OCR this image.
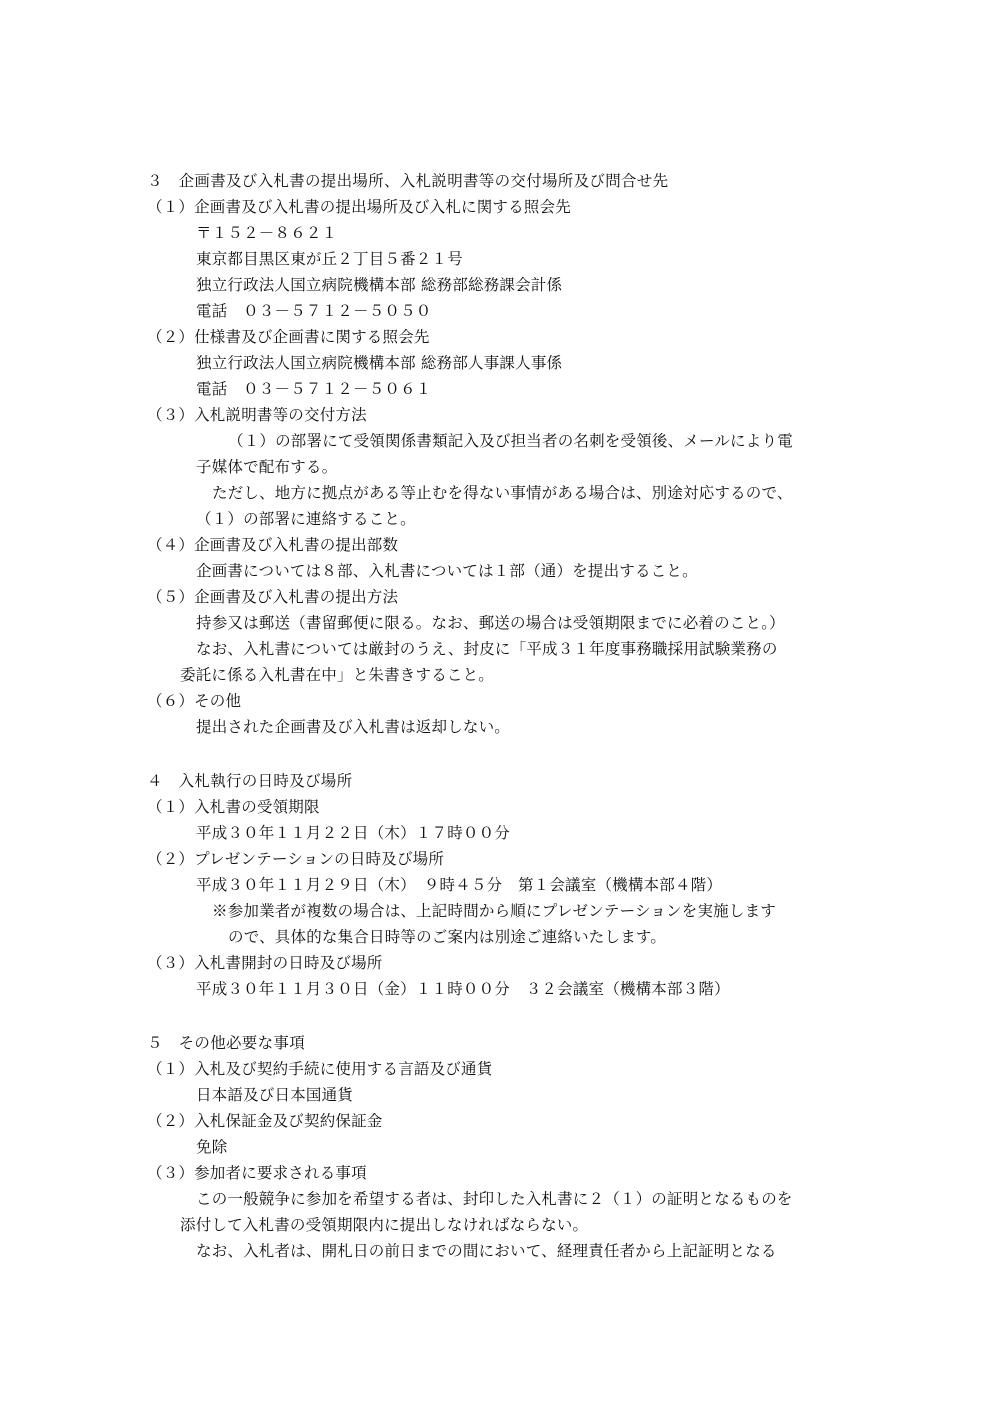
３　企画書及び入札書の提出場所、入札説明書等の交付場所及び問合せ先
（１）企画書及び入札書の提出場所及び入札に関する照会先
〒１５２－８６２１
東京都目黒区東が丘２丁目５番２１号
独立行政法人国立病院機構本部 総務部総務課会計係
電話　０３－５７１２－５０５０
（２）仕様書及び企画書に関する照会先
独立行政法人国立病院機構本部 総務部人事課人事係
電話　０３－５７１２－５０６１
（３）入札説明書等の交付方法
（１）の部署にて受領関係書類記入及び担当者の名刺を受領後、メールにより電
子媒体で配布する。
ただし、地方に拠点がある等止むを得ない事情がある場合は、別途対応するので、
（１）の部署に連絡すること。
（４）企画書及び入札書の提出部数
企画書については８部、入札書については１部（通）を提出すること。
（５）企画書及び入札書の提出方法
持参又は郵送（書留郵便に限る。なお、郵送の場合は受領期限までに必着のこと。）
なお、入札書については厳封のうえ、封皮に「平成３１年度事務職採用試験業務の
委託に係る入札書在中」と朱書きすること。
（６）その他
提出された企画書及び入札書は返却しない。
４　入札執行の日時及び場所
（１）入札書の受領期限
平成３０年１１月２２日（木）１７時００分
（２）プレゼンテーションの日時及び場所
平成３０年１１月２９日（木）　９時４５分　第１会議室（機構本部４階）
※参加業者が複数の場合は、上記時間から順にプレゼンテーションを実施します
ので、具体的な集合日時等のご案内は別途ご連絡いたします。
（３）入札書開封の日時及び場所
平成３０年１１月３０日（金）１１時００分　３２会議室（機構本部３階）
５　その他必要な事項
（１）入札及び契約手続に使用する言語及び通貨
日本語及び日本国通貨
（２）入札保証金及び契約保証金
免除
（３）参加者に要求される事項
この一般競争に参加を希望する者は、封印した入札書に２（１）の証明となるものを
添付して入札書の受領期限内に提出しなければならない。
なお、入札者は、開札日の前日までの間において、経理責任者から上記証明となる
